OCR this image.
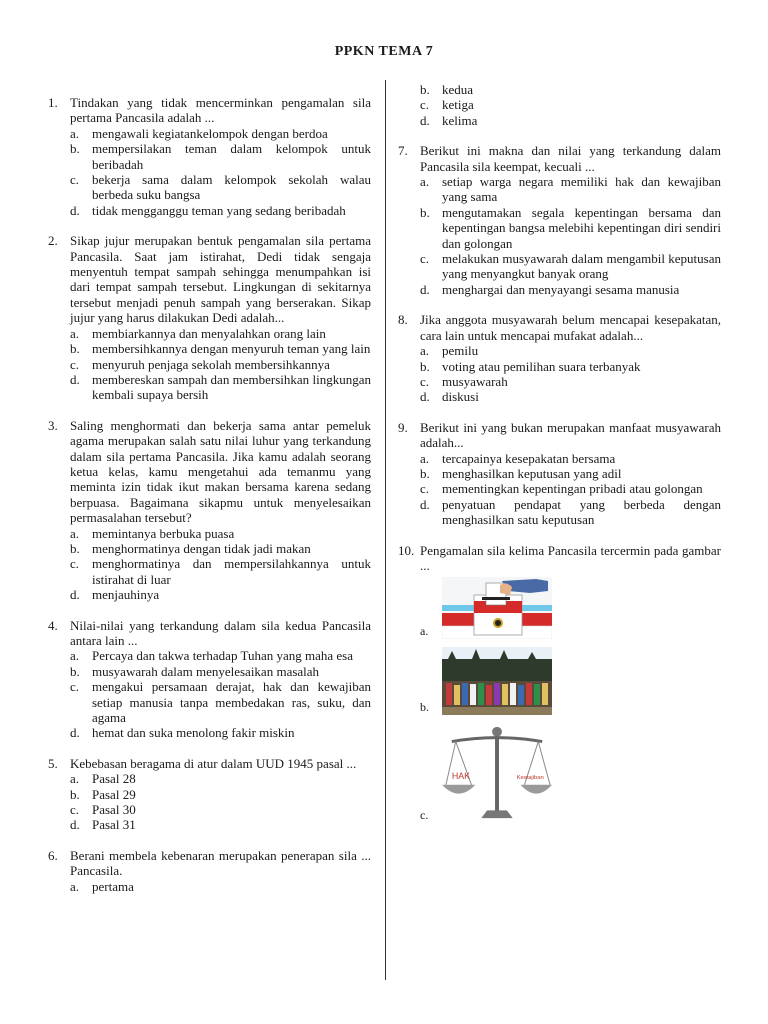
PPKN TEMA 7
1. Tindakan yang tidak mencerminkan pengamalan sila pertama Pancasila adalah ...
a. mengawali kegiatankelompok dengan berdoa
b. mempersilakan teman dalam kelompok untuk beribadah
c. bekerja sama dalam kelompok sekolah walau berbeda suku bangsa
d. tidak mengganggu teman yang sedang beribadah
2. Sikap jujur merupakan bentuk pengamalan sila pertama Pancasila. Saat jam istirahat, Dedi tidak sengaja menyentuh tempat sampah sehingga menumpahkan isi dari tempat sampah tersebut. Lingkungan di sekitarnya tersebut menjadi penuh sampah yang berserakan. Sikap jujur yang harus dilakukan Dedi adalah...
a. membiarkannya dan menyalahkan orang lain
b. membersihkannya dengan menyuruh teman yang lain
c. menyuruh penjaga sekolah membersihkannya
d. membereskan sampah dan membersihkan lingkungan kembali supaya bersih
3. Saling menghormati dan bekerja sama antar pemeluk agama merupakan salah satu nilai luhur yang terkandung dalam sila pertama Pancasila. Jika kamu adalah seorang ketua kelas, kamu mengetahui ada temanmu yang meminta izin tidak ikut makan bersama karena sedang berpuasa. Bagaimana sikapmu untuk menyelesaikan permasalahan tersebut?
a. memintanya berbuka puasa
b. menghormatinya dengan tidak jadi makan
c. menghormatinya dan mempersilahkannya untuk istirahat di luar
d. menjauhinya
4. Nilai-nilai yang terkandung dalam sila kedua Pancasila antara lain ...
a. Percaya dan takwa terhadap Tuhan yang maha esa
b. musyawarah dalam menyelesaikan masalah
c. mengakui persamaan derajat, hak dan kewajiban setiap manusia tanpa membedakan ras, suku, dan agama
d. hemat dan suka menolong fakir miskin
5. Kebebasan beragama di atur dalam UUD 1945 pasal ...
a. Pasal 28
b. Pasal 29
c. Pasal 30
d. Pasal 31
6. Berani membela kebenaran merupakan penerapan sila ... Pancasila.
a. pertama
b. kedua
c. ketiga
d. kelima
7. Berikut ini makna dan nilai yang terkandung dalam Pancasila sila keempat, kecuali ...
a. setiap warga negara memiliki hak dan kewajiban yang sama
b. mengutamakan segala kepentingan bersama dan kepentingan bangsa melebihi kepentingan diri sendiri dan golongan
c. melakukan musyawarah dalam mengambil keputusan yang menyangkut banyak orang
d. menghargai dan menyayangi sesama manusia
8. Jika anggota musyawarah belum mencapai kesepakatan, cara lain untuk mencapai mufakat adalah...
a. pemilu
b. voting atau pemilihan suara terbanyak
c. musyawarah
d. diskusi
9. Berikut ini yang bukan merupakan manfaat musyawarah adalah...
a. tercapainya kesepakatan bersama
b. menghasilkan keputusan yang adil
c. mementingkan kepentingan pribadi atau golongan
d. penyatuan pendapat yang berbeda dengan menghasilkan satu keputusan
10. Pengamalan sila kelima Pancasila tercermin pada gambar ...
a.
b.
c.
HAK	Kewajiban
